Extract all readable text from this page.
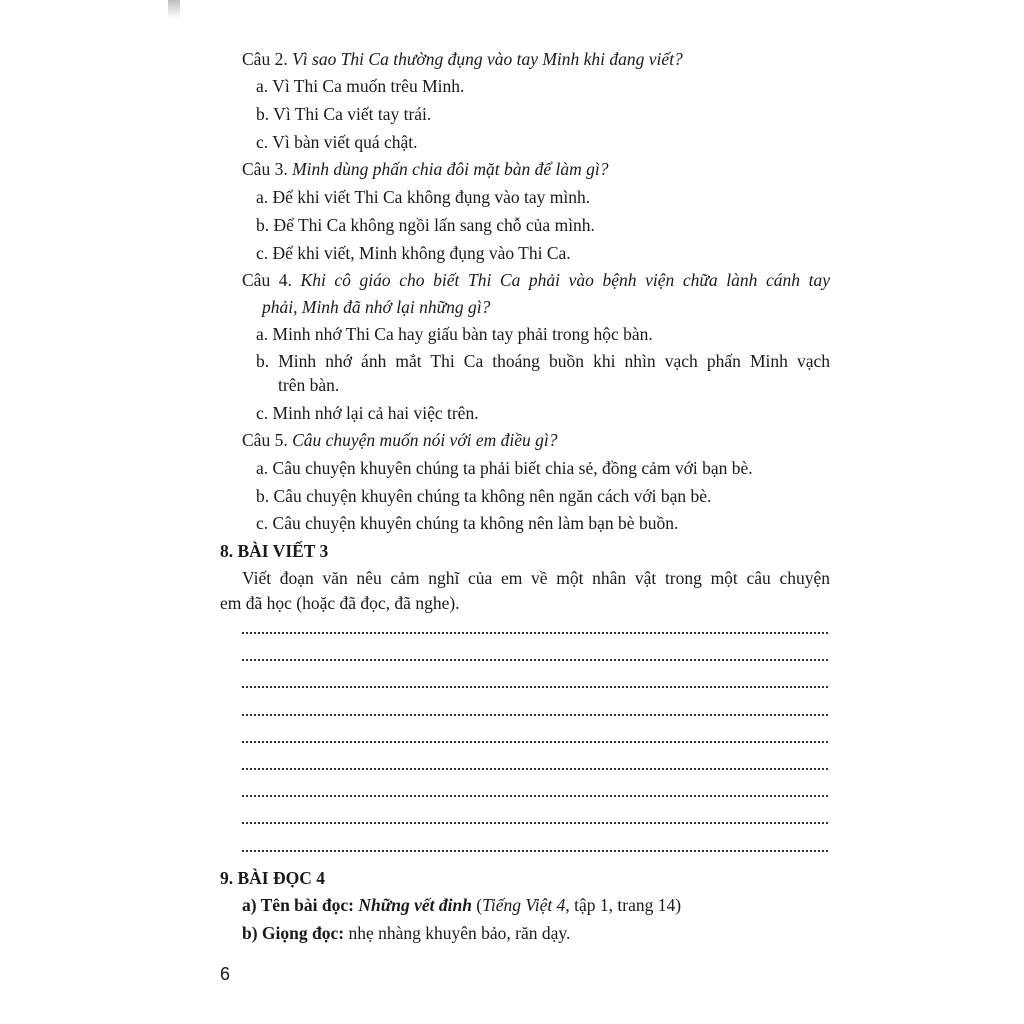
Câu 2. Vì sao Thi Ca thường đụng vào tay Minh khi đang viết?
a. Vì Thi Ca muốn trêu Minh.
b. Vì Thi Ca viết tay trái.
c. Vì bàn viết quá chật.
Câu 3. Minh dùng phấn chia đôi mặt bàn để làm gì?
a. Để khi viết Thi Ca không đụng vào tay mình.
b. Để Thi Ca không ngồi lấn sang chỗ của mình.
c. Để khi viết, Minh không đụng vào Thi Ca.
Câu 4. Khi cô giáo cho biết Thi Ca phải vào bệnh viện chữa lành cánh tay
phải, Minh đã nhớ lại những gì?
a. Minh nhớ Thi Ca hay giấu bàn tay phải trong hộc bàn.
b. Minh nhớ ánh mắt Thi Ca thoáng buồn khi nhìn vạch phấn Minh vạch
trên bàn.
c. Minh nhớ lại cả hai việc trên.
Câu 5. Câu chuyện muốn nói với em điều gì?
a. Câu chuyện khuyên chúng ta phải biết chia sẻ, đồng cảm với bạn bè.
b. Câu chuyện khuyên chúng ta không nên ngăn cách với bạn bè.
c. Câu chuyện khuyên chúng ta không nên làm bạn bè buồn.
8. BÀI VIẾT 3
Viết đoạn văn nêu cảm nghĩ của em về một nhân vật trong một câu chuyện
em đã học (hoặc đã đọc, đã nghe).
9. BÀI ĐỌC 4
a) Tên bài đọc: Những vết đinh (Tiếng Việt 4, tập 1, trang 14)
b) Giọng đọc: nhẹ nhàng khuyên bảo, răn dạy.
6
